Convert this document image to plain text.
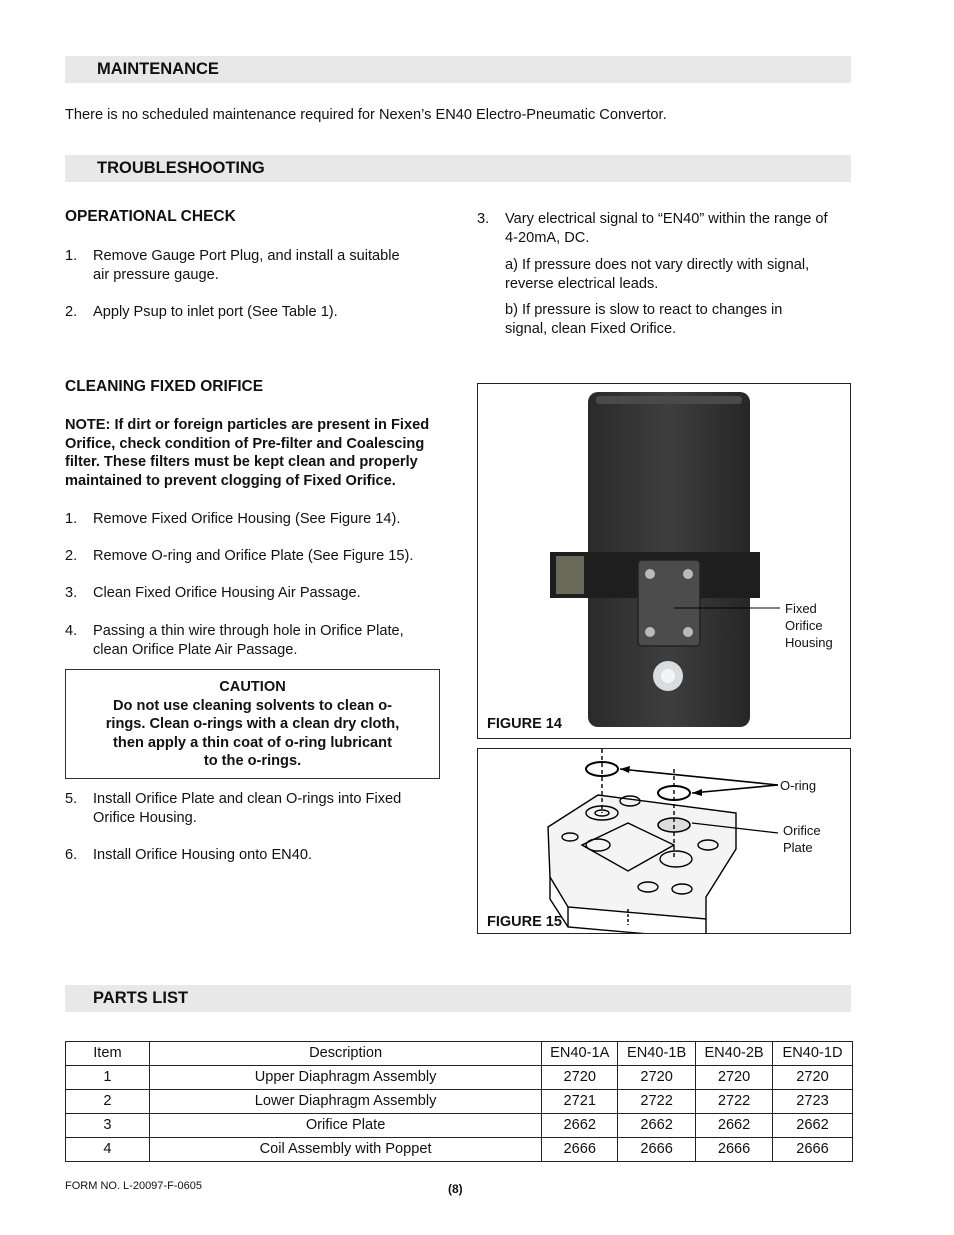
MAINTENANCE
There is no scheduled maintenance required for Nexen’s EN40 Electro-Pneumatic Convertor.
TROUBLESHOOTING
OPERATIONAL CHECK
1. Remove Gauge Port Plug, and install a suitable
air pressure gauge.
2. Apply Psup to inlet port (See Table 1).
3. Vary electrical signal to “EN40” within the range of
4-20mA, DC.
a) If pressure does not vary directly with signal,
reverse electrical leads.
b) If pressure is slow to react to changes in
signal, clean Fixed Orifice.
CLEANING FIXED ORIFICE
NOTE: If dirt or foreign particles are present in Fixed
Orifice, check condition of Pre-filter and Coalescing
filter. These filters must be kept clean and properly
maintained to prevent clogging of Fixed Orifice.
1. Remove Fixed Orifice Housing (See Figure 14).
2. Remove O-ring and Orifice Plate (See Figure 15).
3. Clean Fixed Orifice Housing Air Passage.
4. Passing a thin wire through hole in Orifice Plate,
clean Orifice Plate Air Passage.
CAUTION
Do not use cleaning solvents to clean o-
rings. Clean o-rings with a clean dry cloth,
then apply a thin coat of o-ring lubricant
to the o-rings.
5. Install Orifice Plate and clean O-rings into Fixed
Orifice Housing.
6. Install Orifice Housing onto EN40.
Fixed
Orifice
Housing
FIGURE 14
O-ring
Orifice
Plate
FIGURE 15
PARTS LIST
Item	Description	EN40-1A	EN40-1B	EN40-2B	EN40-1D
1	Upper Diaphragm Assembly	2720	2720	2720	2720
2	Lower Diaphragm Assembly	2721	2722	2722	2723
3	Orifice Plate	2662	2662	2662	2662
4	Coil Assembly with Poppet	2666	2666	2666	2666
FORM NO. L-20097-F-0605	(8)
